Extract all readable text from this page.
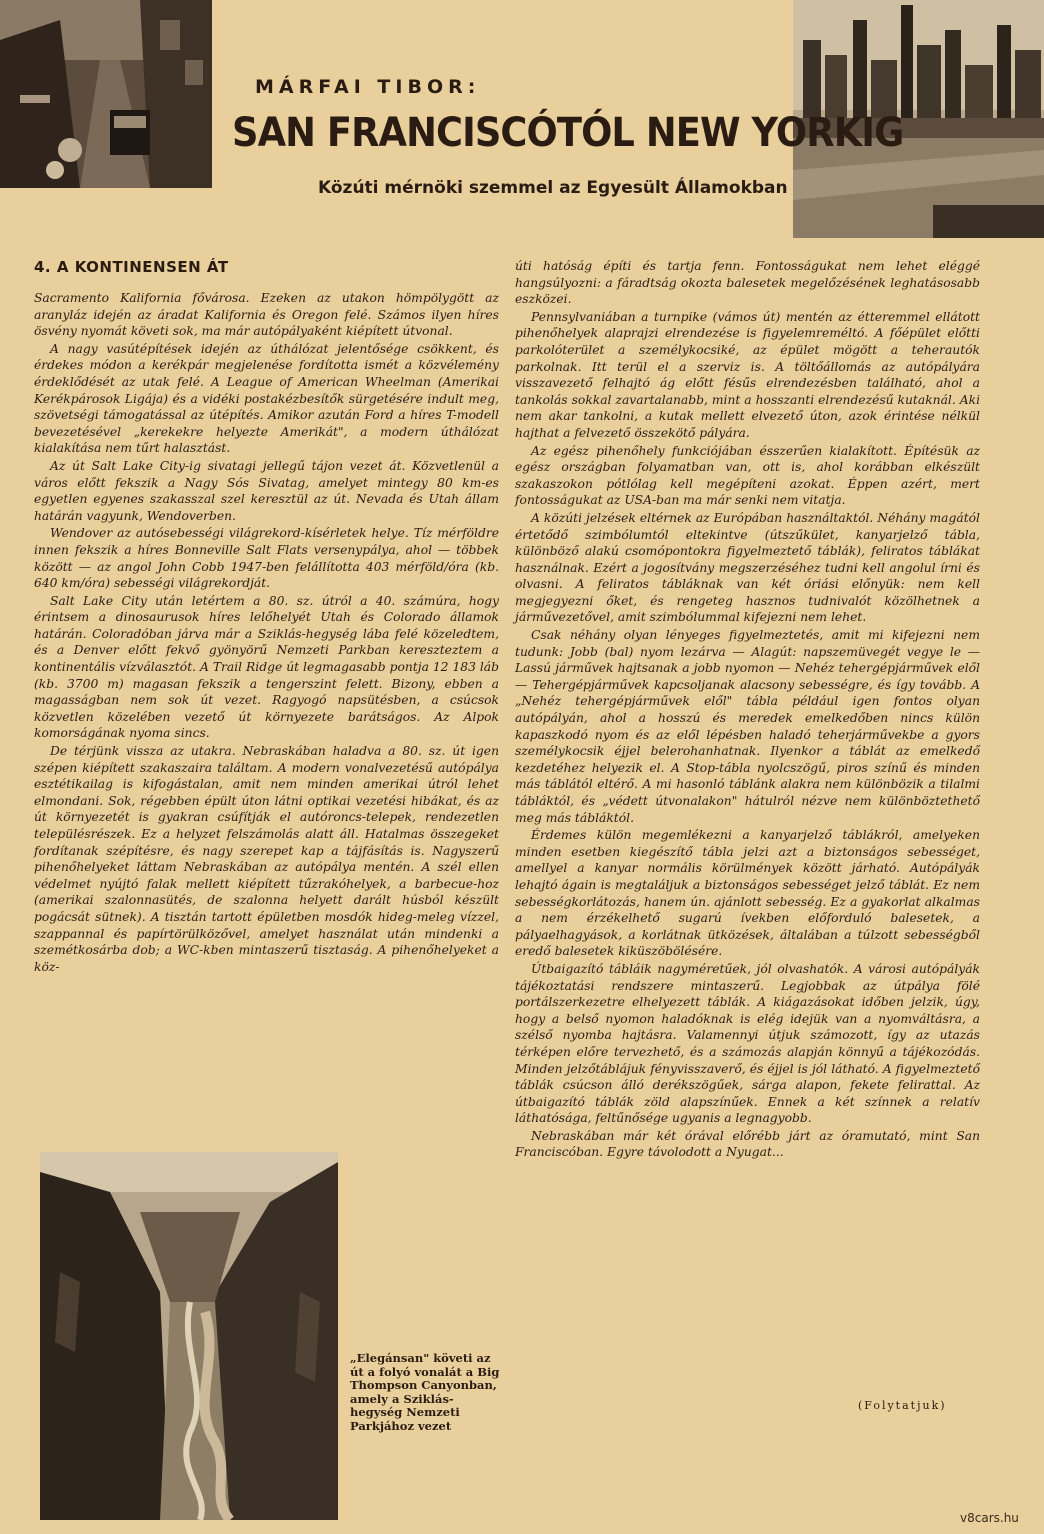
MÁRFAI TIBOR:
SAN FRANCISCÓTÓL NEW YORKIG
Közúti mérnöki szemmel az Egyesült Államokban
4. A KONTINENSEN ÁT

Sacramento Kalifornia fővárosa. Ezeken az utakon hömpölygött az aranyláz idején az áradat Kalifornia és Oregon felé. Számos ilyen híres ösvény nyomát követi sok, ma már autópályaként kiépített útvonal.

A nagy vasútépítések idején az úthálózat jelentősége csökkent, és érdekes módon a kerékpár megjelenése fordította ismét a közvélemény érdeklődését az utak felé. A League of American Wheelman (Amerikai Kerékpárosok Ligája) és a vidéki postakézbesítők sürgetésére indult meg, szövetségi támogatással az útépítés. Amikor azután Ford a híres T-modell bevezetésével „kerekekre helyezte Amerikát", a modern úthálózat kialakítása nem tűrt halasztást.

Az út Salt Lake City-ig sivatagi jellegű tájon vezet át. Közvetlenül a város előtt fekszik a Nagy Sós Sivatag, amelyet mintegy 80 km-es egyetlen egyenes szakasszal szel keresztül az út. Nevada és Utah állam határán vagyunk, Wendoverben.

Wendover az autósebességi világrekord-kísérletek helye. Tíz mérföldre innen fekszik a híres Bonneville Salt Flats versenypálya, ahol — többek között — az angol John Cobb 1947-ben felállította 403 mérföld/óra (kb. 640 km/óra) sebességi világrekordját.

Salt Lake City után letértem a 80. sz. útról a 40. számúra, hogy érintsem a dinosaurusok híres lelőhelyét Utah és Colorado államok határán. Coloradóban járva már a Sziklás-hegység lába felé közeledtem, és a Denver előtt fekvő gyönyörű Nemzeti Parkban kereszteztem a kontinentális vízválasztót. A Trail Ridge út legmagasabb pontja 12 183 láb (kb. 3700 m) magasan fekszik a tengerszint felett. Bizony, ebben a magasságban nem sok út vezet. Ragyogó napsütésben, a csúcsok közvetlen közelében vezető út környezete barátságos. Az Alpok komorságának nyoma sincs.

De térjünk vissza az utakra. Nebraskában haladva a 80. sz. út igen szépen kiépített szakaszaira találtam. A modern vonalvezetésű autópálya esztétikailag is kifogástalan, amit nem minden amerikai útról lehet elmondani. Sok, régebben épült úton látni optikai vezetési hibákat, és az út környezetét is gyakran csúfítják el autóroncs-telepek, rendezetlen településrészek. Ez a helyzet felszámolás alatt áll. Hatalmas összegeket fordítanak szépítésre, és nagy szerepet kap a tájfásítás is. Nagyszerű pihenőhelyeket láttam Nebraskában az autópálya mentén. A szél ellen védelmet nyújtó falak mellett kiépített tűzrakóhelyek, a barbecue-hoz (amerikai szalonnasütés, de szalonna helyett darált húsból készült pogácsát sütnek). A tisztán tartott épületben mosdók hideg-meleg vízzel, szappannal és papírtörülközővel, amelyet használat után mindenki a szemétkosárba dob; a WC-kben mintaszerű tisztaság. A pihenőhelyeket a köz-

úti hatóság építi és tartja fenn. Fontosságukat nem lehet eléggé hangsúlyozni: a fáradtság okozta balesetek megelőzésének leghatásosabb eszközei.

Pennsylvaniában a turnpike (vámos út) mentén az étteremmel ellátott pihenőhelyek alaprajzi elrendezése is figyelemreméltó. A főépület előtti parkolóterület a személykocsiké, az épület mögött a teherautók parkolnak. Itt terül el a szerviz is. A töltőállomás az autópályára visszavezető felhajtó ág előtt fésűs elrendezésben található, ahol a tankolás sokkal zavartalanabb, mint a hosszanti elrendezésű kutaknál. Aki nem akar tankolni, a kutak mellett elvezető úton, azok érintése nélkül hajthat a felvezető összekötő pályára.

Az egész pihenőhely funkciójában ésszerűen kialakított. Építésük az egész országban folyamatban van, ott is, ahol korábban elkészült szakaszokon pótlólag kell megépíteni azokat. Éppen azért, mert fontosságukat az USA-ban ma már senki nem vitatja.

A közúti jelzések eltérnek az Európában használtaktól. Néhány magától értetődő szimbólumtól eltekintve (útszűkület, kanyarjelző tábla, különböző alakú csomópontokra figyelmeztető táblák), feliratos táblákat használnak. Ezért a jogosítvány megszerzéséhez tudni kell angolul írni és olvasni. A feliratos tábláknak van két óriási előnyük: nem kell megjegyezni őket, és rengeteg hasznos tudnivalót közölhetnek a járművezetővel, amit szimbólummal kifejezni nem lehet.

Csak néhány olyan lényeges figyelmeztetés, amit mi kifejezni nem tudunk: Jobb (bal) nyom lezárva — Alagút: napszemüvegét vegye le — Lassú járművek hajtsanak a jobb nyomon — Nehéz tehergépjárművek elől — Tehergépjárművek kapcsoljanak alacsony sebességre, és így tovább. A „Nehéz tehergépjárművek elől" tábla például igen fontos olyan autópályán, ahol a hosszú és meredek emelkedőben nincs külön kapaszkodó nyom és az elől lépésben haladó teherjárművekbe a gyors személykocsik éjjel belerohanhatnak. Ilyenkor a táblát az emelkedő kezdetéhez helyezik el. A Stop-tábla nyolcszögű, piros színű és minden más táblától eltérő. A mi hasonló táblánk alakra nem különbözik a tilalmi tábláktól, és „védett útvonalakon" hátulról nézve nem különböztethető meg más tábláktól.

Érdemes külön megemlékezni a kanyarjelző táblákról, amelyeken minden esetben kiegészítő tábla jelzi azt a biztonságos sebességet, amellyel a kanyar normális körülmények között járható. Autópályák lehajtó ágain is megtaláljuk a biztonságos sebességet jelző táblát. Ez nem sebességkorlátozás, hanem ún. ajánlott sebesség. Ez a gyakorlat alkalmas a nem érzékelhető sugarú ívekben előforduló balesetek, a pályaelhagyások, a korlátnak ütközések, általában a túlzott sebességből eredő balesetek kiküszöbölésére.

Útbaigazító tábláik nagyméretűek, jól olvashatók. A városi autópályák tájékoztatási rendszere mintaszerű. Legjobbak az útpálya fölé portálszerkezetre elhelyezett táblák. A kiágazásokat időben jelzik, úgy, hogy a belső nyomon haladóknak is elég idejük van a nyomváltásra, a szélső nyomba hajtásra. Valamennyi útjuk számozott, így az utazás térképen előre tervezhető, és a számozás alapján könnyű a tájékozódás. Minden jelzőtáblájuk fényvisszaverő, és éjjel is jól látható. A figyelmeztető táblák csúcson álló derékszögűek, sárga alapon, fekete felirattal. Az útbaigazító táblák zöld alapszínűek. Ennek a két színnek a relatív láthatósága, feltűnősége ugyanis a legnagyobb.

Nebraskában már két órával előrébb járt az óramutató, mint San Franciscóban. Egyre távolodott a Nyugat...

„Elegánsan" követi az út a folyó vonalát a Big Thompson Canyonban, amely a Sziklás-hegység Nemzeti Parkjához vezet
(Folytatjuk)
v8cars.hu
